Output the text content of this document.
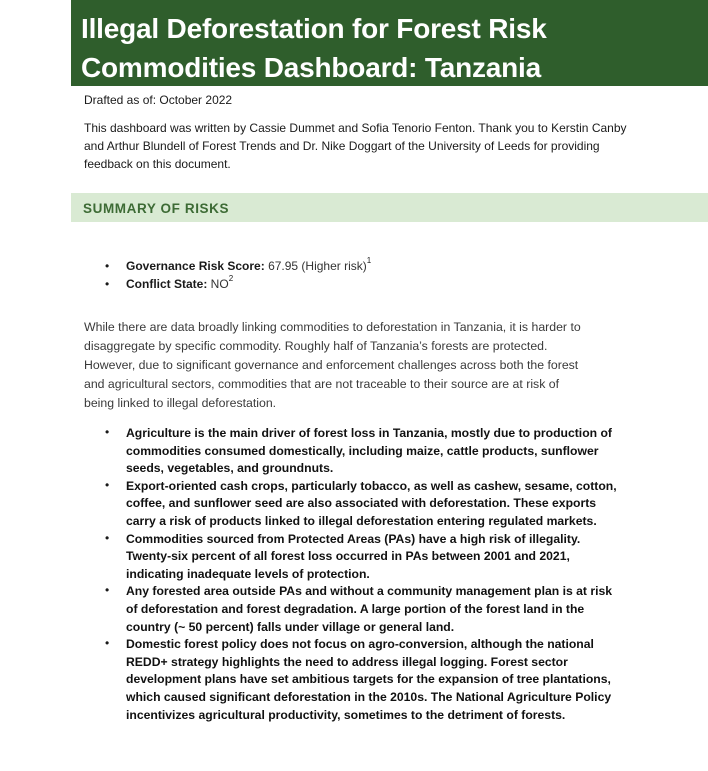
Illegal Deforestation for Forest Risk
Commodities Dashboard: Tanzania
Drafted as of: October 2022
This dashboard was written by Cassie Dummet and Sofia Tenorio Fenton. Thank you to Kerstin Canby
and Arthur Blundell of Forest Trends and Dr. Nike Doggart of the University of Leeds for providing
feedback on this document.
SUMMARY OF RISKS
• Governance Risk Score: 67.95 (Higher risk)$^1$
• Conflict State: $NO^2$
While there are data broadly linking commodities to deforestation in Tanzania, it is harder to
disaggregate by specific commodity. Roughly half of Tanzania’s forests are protected.
However, due to significant governance and enforcement challenges across both the forest
and agricultural sectors, commodities that are not traceable to their source are at risk of
being linked to illegal deforestation.
• Agriculture is the main driver of forest loss in Tanzania, mostly due to production of
commodities consumed domestically, including maize, cattle products, sunflower
seeds, vegetables, and groundnuts.
• Export-oriented cash crops, particularly tobacco, as well as cashew, sesame, cotton,
coffee, and sunflower seed are also associated with deforestation. These exports
carry a risk of products linked to illegal deforestation entering regulated markets.
• Commodities sourced from Protected Areas (PAs) have a high risk of illegality.
Twenty-six percent of all forest loss occurred in PAs between 2001 and 2021,
indicating inadequate levels of protection.
• Any forested area outside PAs and without a community management plan is at risk
of deforestation and forest degradation. A large portion of the forest land in the
country (~ 50 percent) falls under village or general land.
• Domestic forest policy does not focus on agro-conversion, although the national
REDD+ strategy highlights the need to address illegal logging. Forest sector
development plans have set ambitious targets for the expansion of tree plantations,
which caused significant deforestation in the 2010s. The National Agriculture Policy
incentivizes agricultural productivity, sometimes to the detriment of forests.
